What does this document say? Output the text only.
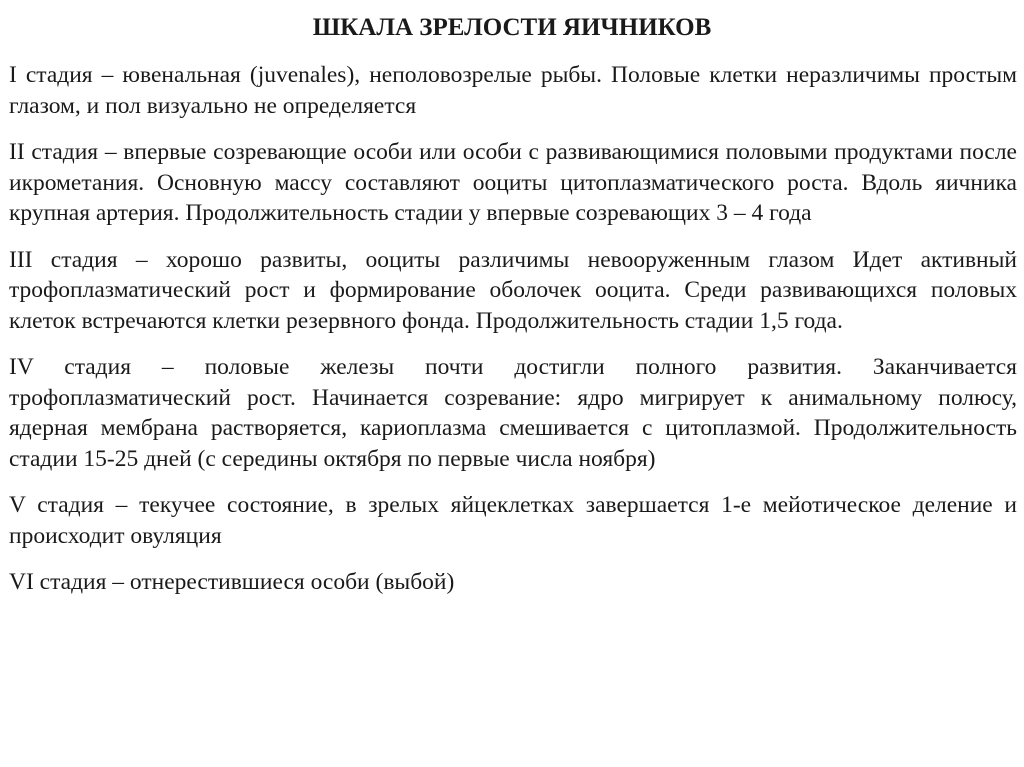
ШКАЛА ЗРЕЛОСТИ ЯИЧНИКОВ

I стадия – ювенальная (juvenales), неполовозрелые рыбы. Половые клетки неразличимы простым глазом, и пол визуально не определяется

II стадия – впервые созревающие особи или особи с развивающимися половыми продуктами после икрометания. Основную массу составляют ооциты цитоплазматического роста. Вдоль яичника крупная артерия. Продолжительность стадии у впервые созревающих 3 – 4 года

III стадия – хорошо развиты, ооциты различимы невооруженным глазом Идет активный трофоплазматический рост и формирование оболочек ооцита. Среди развивающихся половых клеток встречаются клетки резервного фонда. Продолжительность стадии 1,5 года.

IV стадия – половые железы почти достигли полного развития. Заканчивается трофоплазматический рост. Начинается созревание: ядро мигрирует к анимальному полюсу, ядерная мембрана растворяется, кариоплазма смешивается с цитоплазмой. Продолжительность стадии 15-25 дней (с середины октября по первые числа ноября)

V стадия – текучее состояние, в зрелых яйцеклетках завершается 1-е мейотическое деление и происходит овуляция

VI стадия – отнерестившиеся особи (выбой)
